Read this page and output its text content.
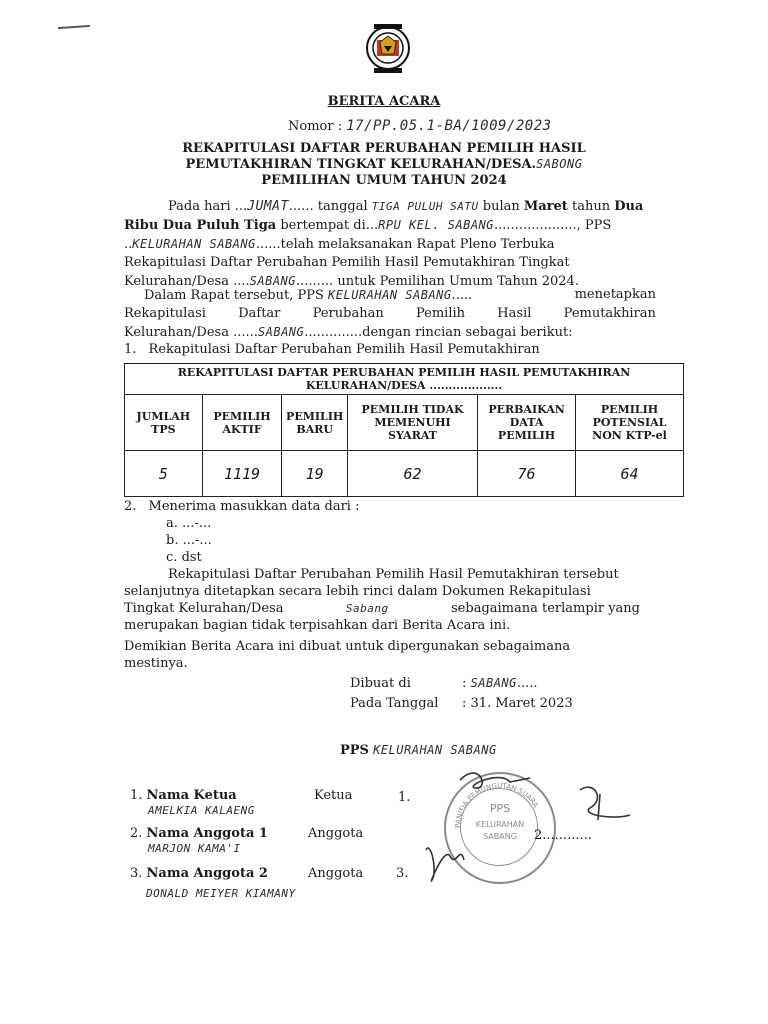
BERITA ACARA
Nomor : 17/PP.05.1-BA/1009/2023
REKAPITULASI DAFTAR PERUBAHAN PEMILIH HASIL
PEMUTAKHIRAN TINGKAT KELURAHAN/DESA.SABONG
PEMILIHAN UMUM TAHUN 2024
Pada hari ...JUMAT...... tanggal TIGA PULUH SATU bulan Maret tahun Dua
Ribu Dua Puluh Tiga bertempat di...RPU KEL. SABANG...................., PPS
..KELURAHAN SABANG......telah melaksanakan Rapat Pleno Terbuka
Rekapitulasi Daftar Perubahan Pemilih Hasil Pemutakhiran Tingkat
Kelurahan/Desa ....SABANG......... untuk Pemilihan Umum Tahun 2024.
Dalam Rapat tersebut, PPS KELURAHAN SABANG.....	menetapkan
Rekapitulasi Daftar Perubahan Pemilih Hasil Pemutakhiran
Kelurahan/Desa ......SABANG..............dengan rincian sebagai berikut:
1. Rekapitulasi Daftar Perubahan Pemilih Hasil Pemutakhiran
REKAPITULASI DAFTAR PERUBAHAN PEMILIH HASIL PEMUTAKHIRAN
KELURAHAN/DESA ...................					

JUMLAH TPS	PEMILIH AKTIF	PEMILIH BARU	PEMILIH TIDAK MEMENUHI SYARAT	PERBAIKAN DATA PEMILIH	PEMILIH POTENSIAL NON KTP-el
5	1119	19	62	76	64
2. Menerima masukkan data dari :
a. ...-...
b. ...-...
c. dst
Rekapitulasi Daftar Perubahan Pemilih Hasil Pemutakhiran tersebut
selanjutnya ditetapkan secara lebih rinci dalam Dokumen Rekapitulasi
Tingkat Kelurahan/Desa	Sabang	sebagaimana terlampir yang
merupakan bagian tidak terpisahkan dari Berita Acara ini.
Demikian Berita Acara ini dibuat untuk dipergunakan sebagaimana
mestinya.
Dibuat di	: SABANG.....
Pada Tanggal : 31. Maret 2023
PPS KELURAHAN SABANG
PANITIA PEMUNGUTAN SUARA
PPS
KELURAHAN
SABANG
1. Nama Ketua
AMELKIA KALAENG
Ketua	1.
2. Nama Anggota 1
MARJON KAMA'I
Anggota	2............
3. Nama Anggota 2
DONALD MEIYER KIAMANY
Anggota	3.
